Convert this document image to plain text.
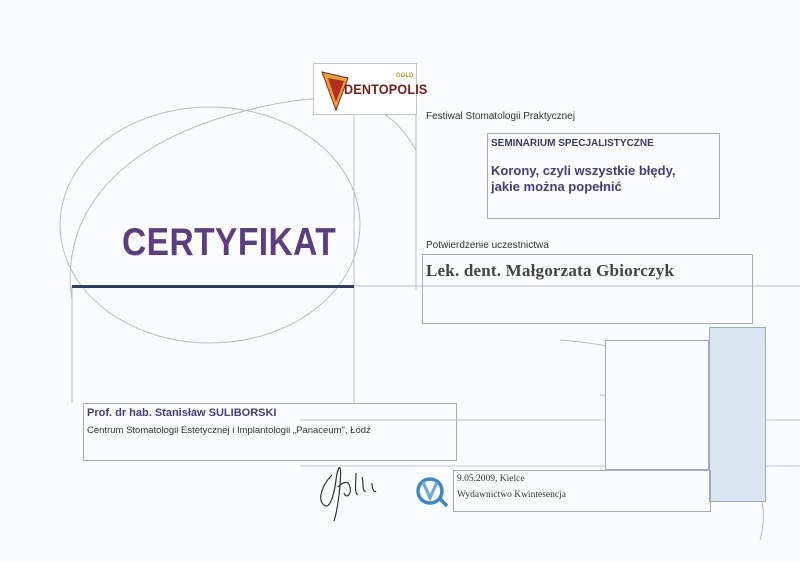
GOLD
DENTOPOLIS
Festiwal Stomatologii Praktycznej
SEMINARIUM SPECJALISTYCZNE
Korony, czyli wszystkie błędy,
jakie można popełnić
CERTYFIKAT	Potwierdzenie uczestnictwa
Lek. dent. Małgorzata Gbiorczyk
Prof. dr hab. Stanisław SULIBORSKI
Centrum Stomatologii Estetycznej i Implantologii „Panaceum", Łódź
9.05.2009, Kielce
Wydawnictwo Kwintesencja
